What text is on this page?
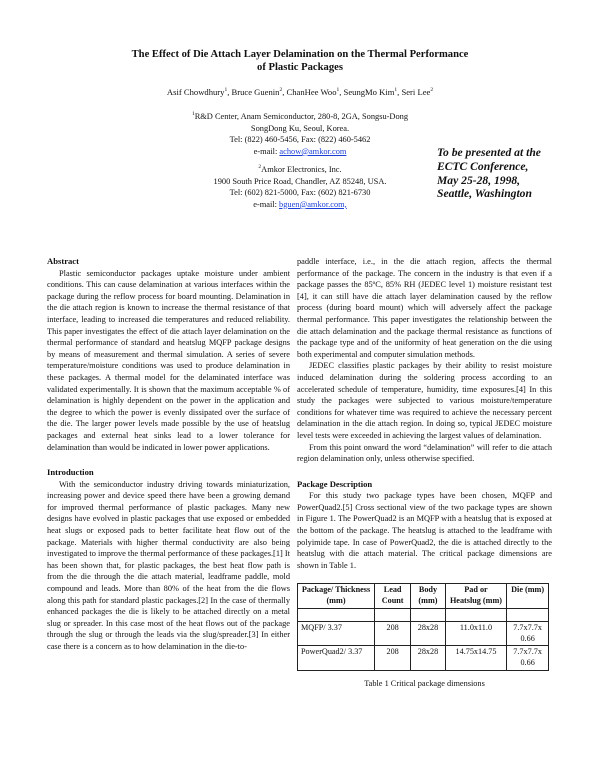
The Effect of Die Attach Layer Delamination on the Thermal Performance
of Plastic Packages
Asif Chowdhury$^1$, Bruce Guenin$^2$, ChanHee Woo$^1$, SeungMo Kim$^1$, Seri Lee$^2$
$^1$R&D Center, Anam Semiconductor, 280-8, 2GA, Songsu-Dong
SongDong Ku, Seoul, Korea.
Tel: (822) 460-5456, Fax: (822) 460-5462
e-mail: achow@amkor.com
$^2$Amkor Electronics, Inc.
1900 South Price Road, Chandler, AZ 85248, USA.
Tel: (602) 821-5000, Fax: (602) 821-6730
e-mail: bguen@amkor.com,
To be presented at the
ECTC Conference,
May 25-28, 1998,
Seattle, Washington
Abstract

Plastic semiconductor packages uptake moisture under ambient conditions. This can cause delamination at various interfaces within the package during the reflow process for board mounting. Delamination in the die attach region is known to increase the thermal resistance of that interface, leading to increased die temperatures and reduced reliability. This paper investigates the effect of die attach layer delamination on the thermal performance of standard and heatslug MQFP package designs by means of measurement and thermal simulation. A series of severe temperature/moisture conditions was used to produce delamination in these packages. A thermal model for the delaminated interface was validated experimentally. It is shown that the maximum acceptable % of delamination is highly dependent on the power in the application and the degree to which the power is evenly dissipated over the surface of the die. The larger power levels made possible by the use of heatslug packages and external heat sinks lead to a lower tolerance for delamination than would be indicated in lower power applications.

Introduction

With the semiconductor industry driving towards miniaturization, increasing power and device speed there have been a growing demand for improved thermal performance of plastic packages. Many new designs have evolved in plastic packages that use exposed or embedded heat slugs or exposed pads to better facilitate heat flow out of the package. Materials with higher thermal conductivity are also being investigated to improve the thermal performance of these packages.[1] It has been shown that, for plastic packages, the best heat flow path is from the die through the die attach material, leadframe paddle, mold compound and leads. More than 80% of the heat from the die flows along this path for standard plastic packages.[2] In the case of thermally enhanced packages the die is likely to be attached directly on a metal slug or spreader. In this case most of the heat flows out of the package through the slug or through the leads via the slug/spreader.[3] In either case there is a concern as to how delamination in the die-to-

paddle interface, i.e., in the die attach region, affects the thermal performance of the package. The concern in the industry is that even if a package passes the 85ºC, 85% RH (JEDEC level 1) moisture resistant test [4], it can still have die attach layer delamination caused by the reflow process (during board mount) which will adversely affect the package thermal performance. This paper investigates the relationship between the die attach delamination and the package thermal resistance as functions of the package type and of the uniformity of heat generation on the die using both experimental and computer simulation methods.

JEDEC classifies plastic packages by their ability to resist moisture induced delamination during the soldering process according to an accelerated schedule of temperature, humidity, time exposures.[4] In this study the packages were subjected to various moisture/temperature conditions for whatever time was required to achieve the necessary percent delamination in the die attach region. In doing so, typical JEDEC moisture level tests were exceeded in achieving the largest values of delamination.

From this point onward the word “delamination” will refer to die attach region delamination only, unless otherwise specified.

Package Description

For this study two package types have been chosen, MQFP and PowerQuad2.[5] Cross sectional view of the two package types are shown in Figure 1. The PowerQuad2 is an MQFP with a heatslug that is exposed at the bottom of the package. The heatslug is attached to the leadframe with polyimide tape. In case of PowerQuad2, the die is attached directly to the heatslug with die attach material. The critical package dimensions are shown in Table 1.

Package/ Thickness (mm)	Lead Count	Body (mm)	Pad or Heatslug (mm)	Die (mm)

MQFP/ 3.37	208	28x28	11.0x11.0	7.7x7.7x 0.66
PowerQuad2/ 3.37	208	28x28	14.75x14.75	7.7x7.7x 0.66
Table 1 Critical package dimensions
